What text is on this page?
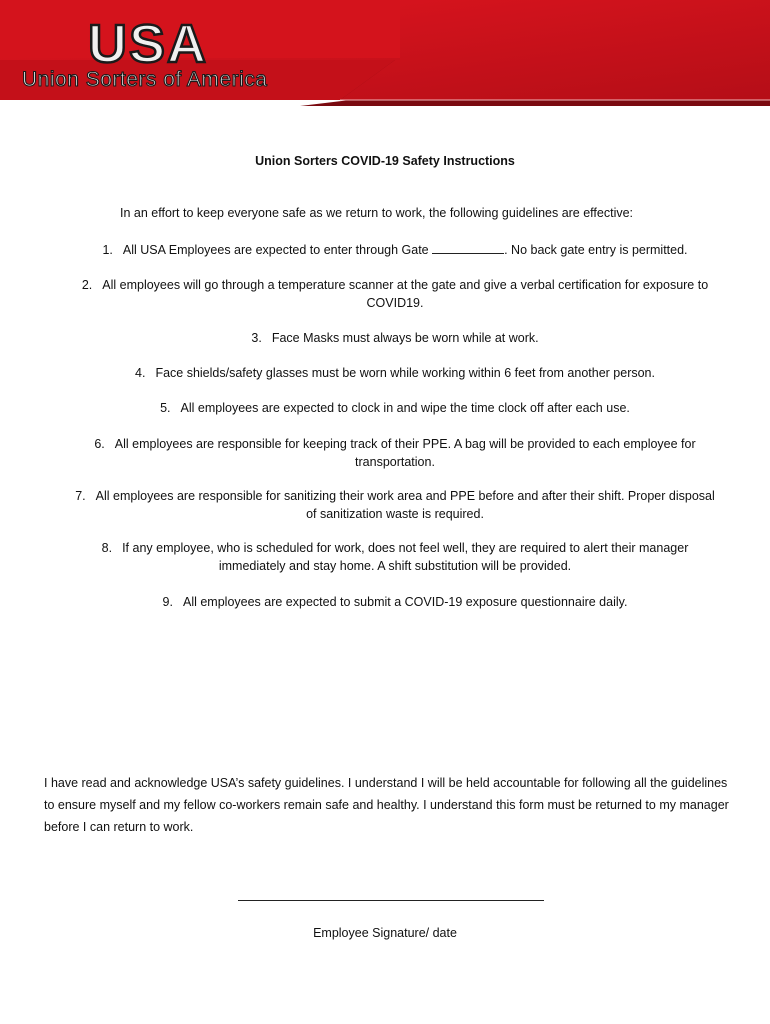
USA
Union Sorters of America
Union Sorters COVID-19 Safety Instructions
In an effort to keep everyone safe as we return to work, the following guidelines are effective:
1. All USA Employees are expected to enter through Gate	. No back gate entry is permitted.
2. All employees will go through a temperature scanner at the gate and give a verbal certification for exposure to
COVID19.
3. Face Masks must always be worn while at work.
4. Face shields/safety glasses must be worn while working within 6 feet from another person.
5. All employees are expected to clock in and wipe the time clock off after each use.
6. All employees are responsible for keeping track of their PPE. A bag will be provided to each employee for
transportation.
7. All employees are responsible for sanitizing their work area and PPE before and after their shift. Proper disposal
of sanitization waste is required.
8. If any employee, who is scheduled for work, does not feel well, they are required to alert their manager
immediately and stay home. A shift substitution will be provided.
9. All employees are expected to submit a COVID-19 exposure questionnaire daily.
I have read and acknowledge USA’s safety guidelines. I understand I will be held accountable for following all the guidelines to ensure myself and my fellow co-workers remain safe and healthy. I understand this form must be returned to my manager before I can return to work.
Employee Signature/ date
